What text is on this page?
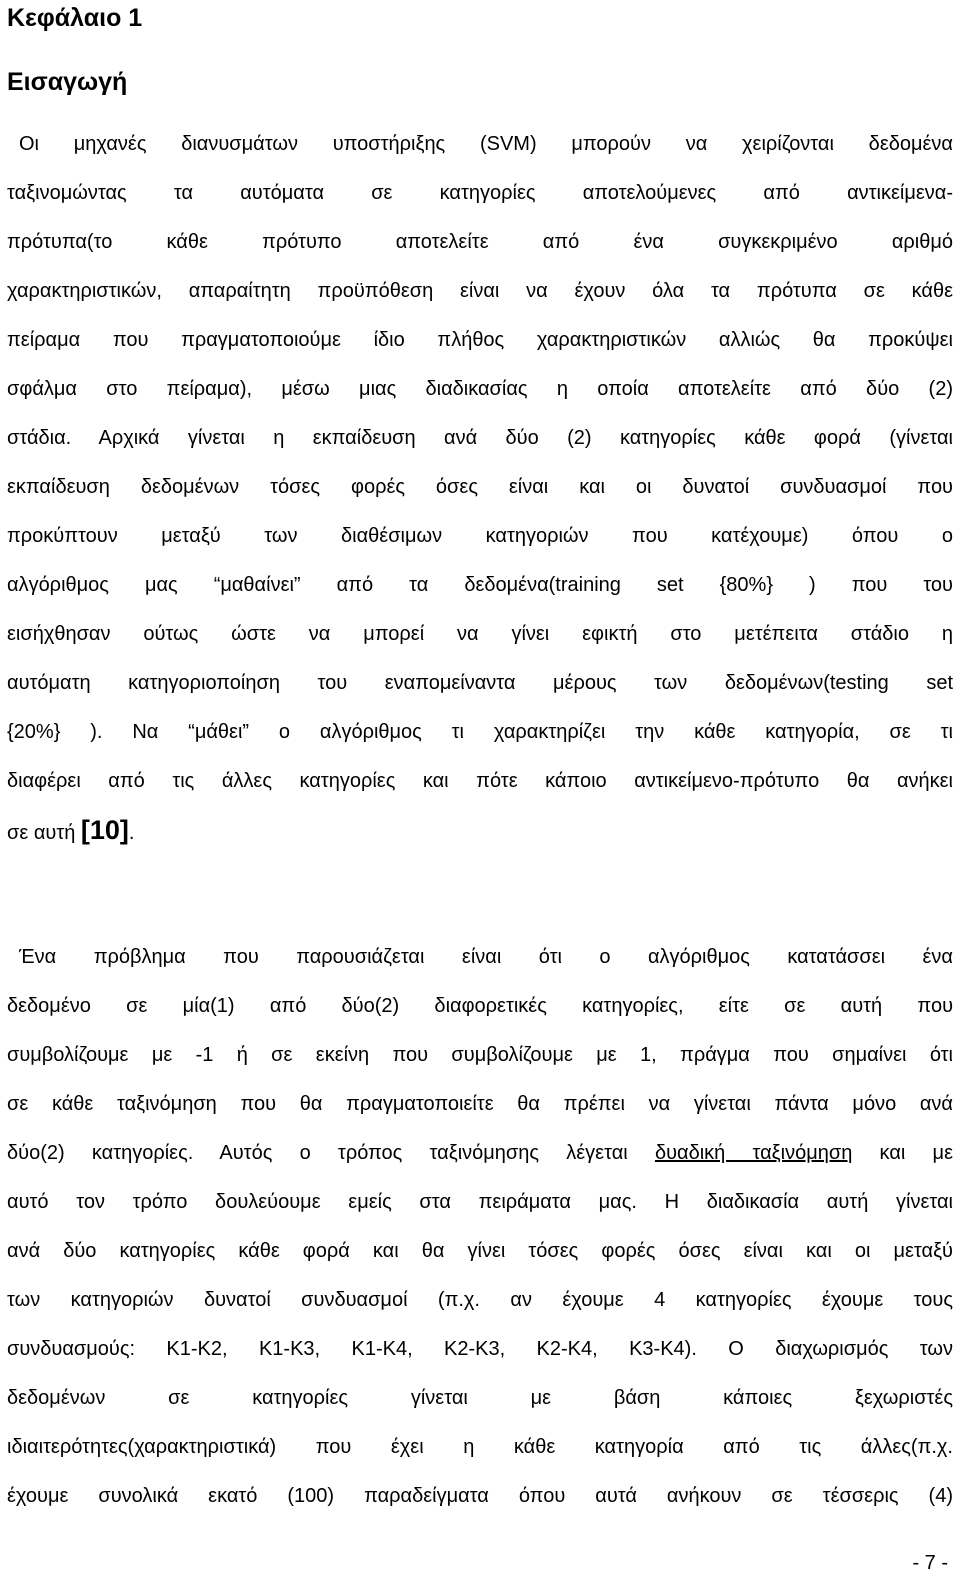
Κεφάλαιο 1
Εισαγωγή
Οι μηχανές διανυσμάτων υποστήριξης (SVM) μπορούν να χειρίζονται δεδομένα
ταξινομώντας τα αυτόματα σε κατηγορίες αποτελούμενες από αντικείμενα-
πρότυπα(το κάθε πρότυπο αποτελείτε από ένα συγκεκριμένο αριθμό
χαρακτηριστικών, απαραίτητη προϋπόθεση είναι να έχουν όλα τα πρότυπα σε κάθε
πείραμα που πραγματοποιούμε ίδιο πλήθος χαρακτηριστικών αλλιώς θα προκύψει
σφάλμα στο πείραμα), μέσω μιας διαδικασίας η οποία αποτελείτε από δύο (2)
στάδια. Αρχικά γίνεται η εκπαίδευση ανά δύο (2) κατηγορίες κάθε φορά (γίνεται
εκπαίδευση δεδομένων τόσες φορές όσες είναι και οι δυνατοί συνδυασμοί που
προκύπτουν μεταξύ των διαθέσιμων κατηγοριών που κατέχουμε) όπου ο
αλγόριθμος μας “μαθαίνει” από τα δεδομένα(training set {80%} ) που του
εισήχθησαν ούτως ώστε να μπορεί να γίνει εφικτή στο μετέπειτα στάδιο η
αυτόματη κατηγοριοποίηση του εναπομείναντα μέρους των δεδομένων(testing set
{20%} ). Να “μάθει” ο αλγόριθμος τι χαρακτηρίζει την κάθε κατηγορία, σε τι
διαφέρει από τις άλλες κατηγορίες και πότε κάποιο αντικείμενο-πρότυπο θα ανήκει
σε αυτή [10].
Ένα πρόβλημα που παρουσιάζεται είναι ότι ο αλγόριθμος κατατάσσει ένα
δεδομένο σε μία(1) από δύο(2) διαφορετικές κατηγορίες, είτε σε αυτή που
συμβολίζουμε με -1 ή σε εκείνη που συμβολίζουμε με 1, πράγμα που σημαίνει ότι
σε κάθε ταξινόμηση που θα πραγματοποιείτε θα πρέπει να γίνεται πάντα μόνο ανά
δύο(2) κατηγορίες. Αυτός ο τρόπος ταξινόμησης λέγεται δυαδική ταξινόμηση και με
αυτό τον τρόπο δουλεύουμε εμείς στα πειράματα μας. Η διαδικασία αυτή γίνεται
ανά δύο κατηγορίες κάθε φορά και θα γίνει τόσες φορές όσες είναι και οι μεταξύ
των κατηγοριών δυνατοί συνδυασμοί (π.χ. αν έχουμε 4 κατηγορίες έχουμε τους
συνδυασμούς: Κ1-Κ2, Κ1-Κ3, Κ1-Κ4, Κ2-Κ3, Κ2-Κ4, Κ3-Κ4). Ο διαχωρισμός των
δεδομένων σε κατηγορίες γίνεται με βάση κάποιες ξεχωριστές
ιδιαιτερότητες(χαρακτηριστικά) που έχει η κάθε κατηγορία από τις άλλες(π.χ.
έχουμε συνολικά εκατό (100) παραδείγματα όπου αυτά ανήκουν σε τέσσερις (4)
- 7 -
